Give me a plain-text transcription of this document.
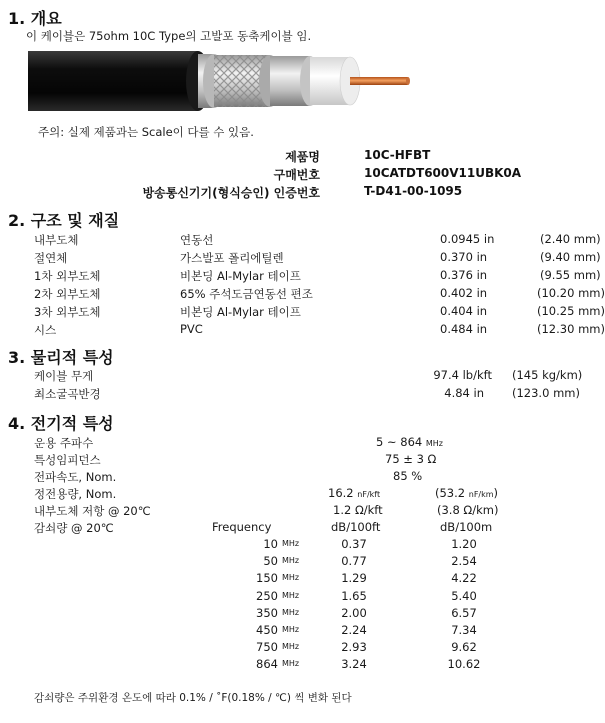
1. 개요
이 케이블은 75ohm 10C Type의 고발포 동축케이블 임.
주의: 실제 제품과는 Scale이 다를 수 있음.
제품명	10C-HFBT
구매번호	10CATDT600V11UBK0A
방송통신기기(형식승인) 인증번호	T-D41-00-1095
2. 구조 및 재질
내부도체	연동선	0.0945 in	(2.40 mm)
절연체	가스발포 폴리에틸렌	0.370 in	(9.40 mm)
1차 외부도체	비본딩 Al-Mylar 테이프	0.376 in	(9.55 mm)
2차 외부도체	65% 주석도금연동선 편조	0.402 in	(10.20 mm)
3차 외부도체	비본딩 Al-Mylar 테이프	0.404 in	(10.25 mm)
시스	PVC	0.484 in	(12.30 mm)
3. 물리적 특성
케이블 무게	97.4 lb/kft (145 kg/km)
최소굴곡반경	4.84 in (123.0 mm)
4. 전기적 특성
운용 주파수	5 ~ 864 MHz
특성임피던스	75 ± 3 Ω
전파속도, Nom.	85 %
정전용량, Nom.	16.2 nF/kft	(53.2 nF/km)
내부도체 저항 @ 20℃	1.2 Ω/kft	(3.8 Ω/km)
감쇠량 @ 20℃	Frequency	dB/100ft	dB/100m
10 MHz	0.37	1.20
50 MHz	0.77	2.54
150 MHz	1.29	4.22
250 MHz	1.65	5.40
350 MHz	2.00	6.57
450 MHz	2.24	7.34
750 MHz	2.93	9.62
864 MHz	3.24	10.62
감쇠량은 주위환경 온도에 따라 0.1% / ˚F(0.18% / ℃) 씩 변화 된다
